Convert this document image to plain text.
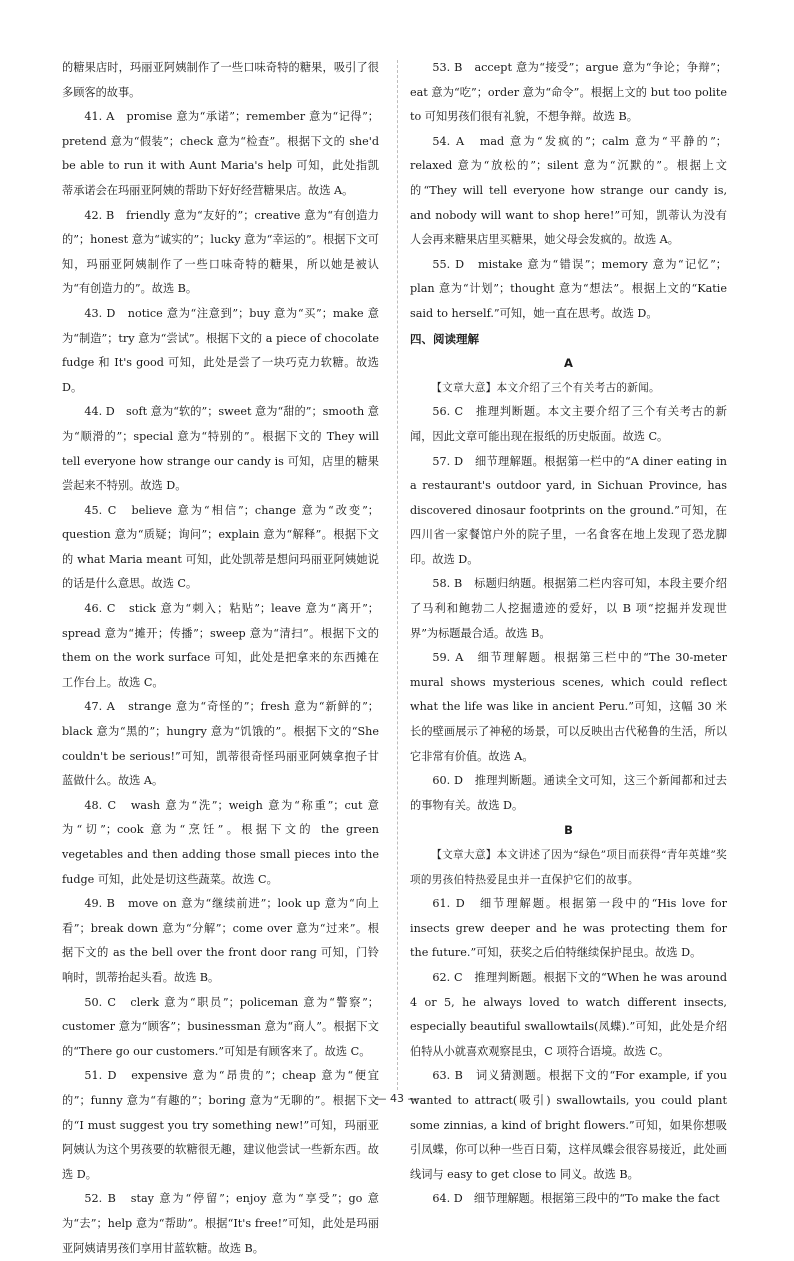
的糖果店时，玛丽亚阿姨制作了一些口味奇特的糖果，吸引了很多顾客的故事。

41. A　promise 意为“承诺”；remember 意为“记得”；pretend 意为“假装”；check 意为“检查”。根据下文的 she'd be able to run it with Aunt Maria's help 可知，此处指凯蒂承诺会在玛丽亚阿姨的帮助下好好经营糖果店。故选 A。

42. B　friendly 意为“友好的”；creative 意为“有创造力的”；honest 意为“诚实的”；lucky 意为“幸运的”。根据下文可知，玛丽亚阿姨制作了一些口味奇特的糖果，所以她是被认为“有创造力的”。故选 B。

43. D　notice 意为“注意到”；buy 意为“买”；make 意为“制造”；try 意为“尝试”。根据下文的 a piece of chocolate fudge 和 It's good 可知，此处是尝了一块巧克力软糖。故选 D。

44. D　soft 意为“软的”；sweet 意为“甜的”；smooth 意为“顺滑的”；special 意为“特别的”。根据下文的 They will tell everyone how strange our candy is 可知，店里的糖果尝起来不特别。故选 D。

45. C　believe 意为“相信”；change 意为“改变”；question 意为“质疑；询问”；explain 意为“解释”。根据下文的 what Maria meant 可知，此处凯蒂是想问玛丽亚阿姨她说的话是什么意思。故选 C。

46. C　stick 意为“刺入；粘贴”；leave 意为“离开”；spread 意为“摊开；传播”；sweep 意为“清扫”。根据下文的 them on the work surface 可知，此处是把拿来的东西摊在工作台上。故选 C。

47. A　strange 意为“奇怪的”；fresh 意为“新鲜的”；black 意为“黑的”；hungry 意为“饥饿的”。根据下文的“She couldn't be serious!”可知，凯蒂很奇怪玛丽亚阿姨拿抱子甘蓝做什么。故选 A。

48. C　wash 意为“洗”；weigh 意为“称重”；cut 意为“切”；cook 意为“烹饪”。根据下文的 the green vegetables and then adding those small pieces into the fudge 可知，此处是切这些蔬菜。故选 C。

49. B　move on 意为“继续前进”；look up 意为“向上看”；break down 意为“分解”；come over 意为“过来”。根据下文的 as the bell over the front door rang 可知，门铃响时，凯蒂抬起头看。故选 B。

50. C　clerk 意为“职员”；policeman 意为“警察”；customer 意为“顾客”；businessman 意为“商人”。根据下文的“There go our customers.”可知是有顾客来了。故选 C。

51. D　expensive 意为“昂贵的”；cheap 意为“便宜的”；funny 意为“有趣的”；boring 意为“无聊的”。根据下文的“I must suggest you try something new!”可知，玛丽亚阿姨认为这个男孩要的软糖很无趣，建议他尝试一些新东西。故选 D。

52. B　stay 意为“停留”；enjoy 意为“享受”；go 意为“去”；help 意为“帮助”。根据“It's free!”可知，此处是玛丽亚阿姨请男孩们享用甘蓝软糖。故选 B。

53. B　accept 意为“接受”；argue 意为“争论；争辩”；eat 意为“吃”；order 意为“命令”。根据上文的 but too polite to 可知男孩们很有礼貌，不想争辩。故选 B。

54. A　mad 意为“发疯的”；calm 意为“平静的”；relaxed 意为“放松的”；silent 意为“沉默的”。根据上文的“They will tell everyone how strange our candy is, and nobody will want to shop here!”可知，凯蒂认为没有人会再来糖果店里买糖果，她父母会发疯的。故选 A。

55. D　mistake 意为“错误”；memory 意为“记忆”；plan 意为“计划”；thought 意为“想法”。根据上文的“Katie said to herself.”可知，她一直在思考。故选 D。

四、阅读理解

A

【文章大意】本文介绍了三个有关考古的新闻。

56. C　推理判断题。本文主要介绍了三个有关考古的新闻，因此文章可能出现在报纸的历史版面。故选 C。

57. D　细节理解题。根据第一栏中的“A diner eating in a restaurant's outdoor yard, in Sichuan Province, has discovered dinosaur footprints on the ground.”可知，在四川省一家餐馆户外的院子里，一名食客在地上发现了恐龙脚印。故选 D。

58. B　标题归纳题。根据第二栏内容可知，本段主要介绍了马利和鲍勃二人挖掘遗迹的爱好，以 B 项“挖掘并发现世界”为标题最合适。故选 B。

59. A　细节理解题。根据第三栏中的“The 30-meter mural shows mysterious scenes, which could reflect what the life was like in ancient Peru.”可知，这幅 30 米长的壁画展示了神秘的场景，可以反映出古代秘鲁的生活，所以它非常有价值。故选 A。

60. D　推理判断题。通读全文可知，这三个新闻都和过去的事物有关。故选 D。

B

【文章大意】本文讲述了因为“绿色”项目而获得“青年英雄”奖项的男孩伯特热爱昆虫并一直保护它们的故事。

61. D　细节理解题。根据第一段中的“His love for insects grew deeper and he was protecting them for the future.”可知，获奖之后伯特继续保护昆虫。故选 D。

62. C　推理判断题。根据下文的“When he was around 4 or 5, he always loved to watch different insects, especially beautiful swallowtails(凤蝶).”可知，此处是介绍伯特从小就喜欢观察昆虫，C 项符合语境。故选 C。

63. B　词义猜测题。根据下文的“For example, if you wanted to attract(吸引) swallowtails, you could plant some zinnias, a kind of bright flowers.”可知，如果你想吸引凤蝶，你可以种一些百日菊，这样凤蝶会很容易接近，此处画线词与 easy to get close to 同义。故选 B。

64. D　细节理解题。根据第三段中的“To make the fact

— 43 —
